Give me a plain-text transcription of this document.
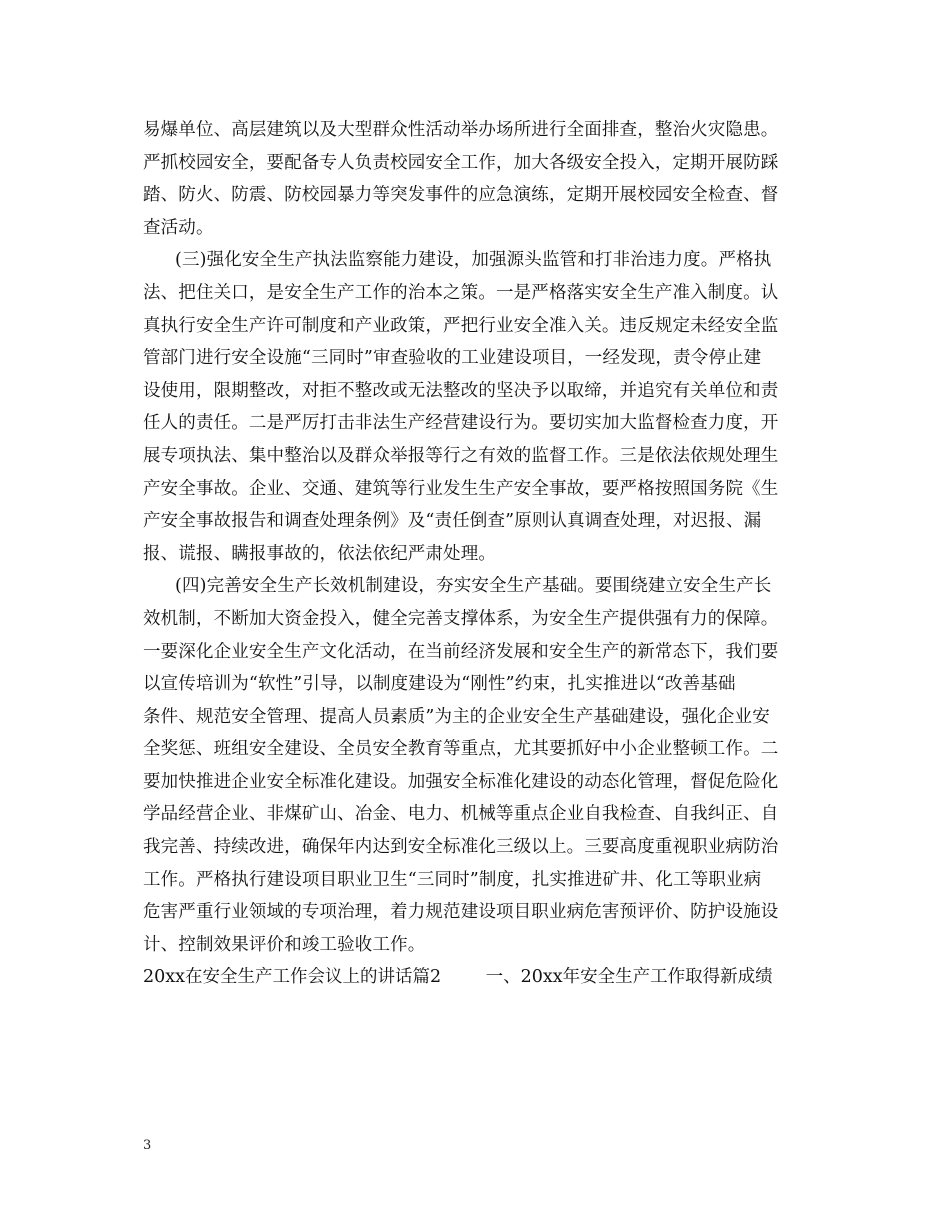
易爆单位、高层建筑以及大型群众性活动举办场所进行全面排查，整治火灾隐患。
严抓校园安全，要配备专人负责校园安全工作，加大各级安全投入，定期开展防踩
踏、防火、防震、防校园暴力等突发事件的应急演练，定期开展校园安全检查、督
查活动。

(三)强化安全生产执法监察能力建设，加强源头监管和打非治违力度。严格执
法、把住关口，是安全生产工作的治本之策。一是严格落实安全生产准入制度。认
真执行安全生产许可制度和产业政策，严把行业安全准入关。违反规定未经安全监
管部门进行安全设施“三同时”审查验收的工业建设项目，一经发现，责令停止建
设使用，限期整改，对拒不整改或无法整改的坚决予以取缔，并追究有关单位和责
任人的责任。二是严厉打击非法生产经营建设行为。要切实加大监督检查力度，开
展专项执法、集中整治以及群众举报等行之有效的监督工作。三是依法依规处理生
产安全事故。企业、交通、建筑等行业发生生产安全事故，要严格按照国务院《生
产安全事故报告和调查处理条例》及“责任倒查”原则认真调查处理，对迟报、漏
报、谎报、瞒报事故的，依法依纪严肃处理。

(四)完善安全生产长效机制建设，夯实安全生产基础。要围绕建立安全生产长
效机制，不断加大资金投入，健全完善支撑体系，为安全生产提供强有力的保障。
一要深化企业安全生产文化活动，在当前经济发展和安全生产的新常态下，我们要
以宣传培训为“软性”引导，以制度建设为“刚性”约束，扎实推进以“改善基础
条件、规范安全管理、提高人员素质”为主的企业安全生产基础建设，强化企业安
全奖惩、班组安全建设、全员安全教育等重点，尤其要抓好中小企业整顿工作。二
要加快推进企业安全标准化建设。加强安全标准化建设的动态化管理，督促危险化
学品经营企业、非煤矿山、冶金、电力、机械等重点企业自我检查、自我纠正、自
我完善、持续改进，确保年内达到安全标准化三级以上。三要高度重视职业病防治
工作。严格执行建设项目职业卫生“三同时”制度，扎实推进矿井、化工等职业病
危害严重行业领域的专项治理，着力规范建设项目职业病危害预评价、防护设施设
计、控制效果评价和竣工验收工作。

20xx在安全生产工作会议上的讲话篇2	一、20xx年安全生产工作取得新成绩
3
